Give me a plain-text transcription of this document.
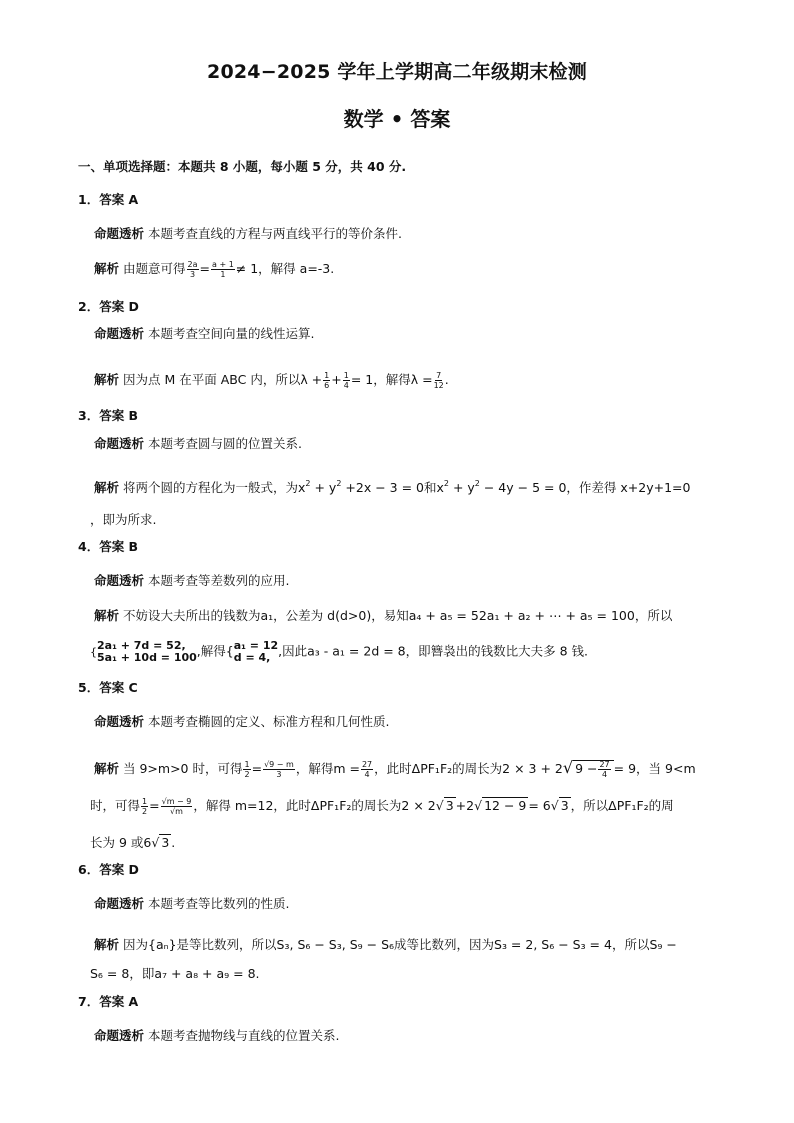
2024−2025 学年上学期高二年级期末检测
数学 • 答案
一、单项选择题：本题共 8 小题，每小题 5 分，共 40 分.
1．答案 A
命题透析 本题考查直线的方程与两直线平行的等价条件.
解析 由题意可得 $\frac{2a}{3} = \frac{a + 1}{1} \ne 1$，解得 a=-3.
2．答案 D
命题透析 本题考查空间向量的线性运算.
解析 因为点 M 在平面 ABC 内，所以$\lambda + \frac{1}{6} + \frac{1}{4} = 1$，解得$\lambda = \frac{7}{12}$ .
3．答案 B
命题透析 本题考查圆与圆的位置关系.
解析 将两个圆的方程化为一般式，为$x^2 + y^2 +2x - 3 = 0$和$x^2 + y^2 - 4y - 5 = 0$，作差得 x+2y+1=0
，即为所求.
4．答案 B
命题透析 本题考查等差数列的应用.
解析 不妨设大夫所出的钱数为a₁，公差为 d(d>0)，易知a₄ + a₅ = 52a₁ + a₂ + ⋯ + a₅ = 100，所以
{ 2a₁ + 7d = 52,
5a₁ + 10d = 100 ,解得{ a₁ = 12
d = 4, ,因此a₃ - a₁ = 2d = 8，即簪袅出的钱数比大夫多 8 钱.
5．答案 C
命题透析 本题考查椭圆的定义、标准方程和几何性质.
解析 当 9>m>0 时，可得 $\frac{1}{2} = \frac{√9 - m}{3}$ ，解得$m = \frac{27}{4}$ ，此时ΔPF₁F₂的周长为2 × 3 + 2√ $9 - \frac{27}{4} = 9$，当 9<m
时，可得 $\frac{1}{2} = \frac{√m - 9}{√m}$ ，解得 m=12，此时ΔPF₁F₂的周长为2 × 2√ 3 +2√ 12 − 9 = 6√ 3 ，所以ΔPF₁F₂的周
长为 9 或6√ 3 .
6．答案 D
命题透析 本题考查等比数列的性质.
解析 因为{aₙ}是等比数列，所以S₃, S₆ − S₃, S₉ − S₆成等比数列，因为S₃ = 2, S₆ − S₃ = 4，所以S₉ −
S₆ = 8，即a₇ + a₈ + a₉ = 8.
7．答案 A
命题透析 本题考查抛物线与直线的位置关系.
